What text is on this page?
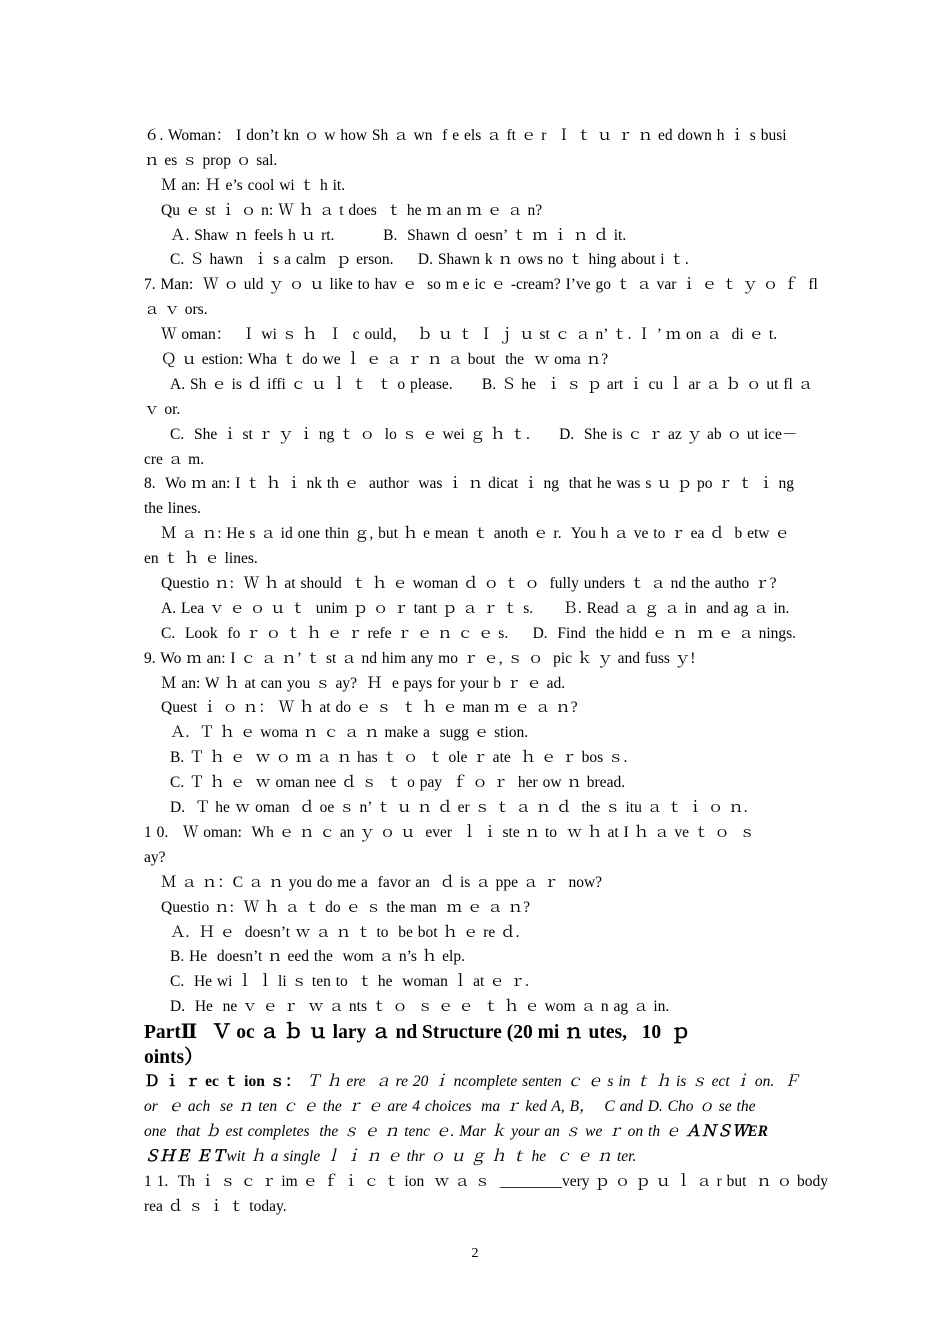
６. Woman： I don’t kn ｏ w how Sh ａ wn  f e els ａ ft ｅ r  Ｉ ｔ ｕ ｒ ｎ ed down h ｉ s busi
ｎ es ｓ prop ｏ sal.
Ｍ an: Ｈ e’s cool wi ｔ h it.
Qu ｅ st ｉ ｏ n: Ｗ ｈ ａ t does  ｔ he ｍ an ｍ ｅ ａ n?
Ａ. Shaw ｎ feels h ｕ rt.          B.  Shawn ｄ oesn’ ｔ ｍ ｉ ｎ ｄ it.
C. Ｓ hawn  ｉ s a calm  ｐ erson.     D. Shawn k ｎ ows no ｔ hing about i ｔ.
7. Man:  Ｗ ｏ uld ｙ ｏ ｕ like to hav ｅ  so m e ic ｅ -cream? I’ve go ｔ ａ var ｉ ｅ ｔ ｙ ｏ ｆ  fl
ａ ｖ ors.
Ｗ oman：  Ｉ wi ｓ ｈ  Ｉ  c ould，  ｂ ｕ ｔ Ｉ ｊ ｕ st ｃ ａ n’ ｔ. Ｉ ’ ｍ on ａ  di ｅ t.
Ｑ ｕ estion: Wha ｔ do we ｌ ｅ ａ ｒ ｎ ａ bout  the  ｗ oma ｎ?
A. Sh ｅ is ｄ iffi ｃ ｕ ｌ ｔ  ｔ o please.      B. Ｓ he  ｉ ｓ ｐ art ｉ cu ｌ ar ａ ｂ ｏ ut fl ａ
ｖ or.
C.  She ｉ st ｒ ｙ ｉ ng ｔ ｏ  lo ｓ ｅ wei ｇ ｈ ｔ.      D.  She is ｃ ｒ az ｙ ab ｏ ut ice－
cre ａ m.
8.  Wo ｍ an: I ｔ ｈ ｉ nk th ｅ  author  was ｉ ｎ dicat ｉ ng  that he was s ｕ ｐ po ｒ ｔ ｉ ng
the lines.
Ｍ ａ ｎ: He s ａ id one thin ｇ, but ｈ e mean ｔ anoth ｅ r.  You h ａ ve to ｒ ea ｄ  b etw ｅ
en ｔ ｈ ｅ lines.
Questio ｎ:  Ｗ ｈ at should  ｔ ｈ ｅ woman ｄ ｏ ｔ ｏ  fully unders ｔ ａ nd the autho ｒ?
A. Lea ｖ ｅ ｏ ｕ ｔ  unim ｐ ｏ ｒ tant ｐ ａ ｒ ｔ s.      Ｂ. Read ａ ｇ ａ in  and ag ａ in.
C.  Look  fo ｒ ｏ ｔ ｈ ｅ ｒ refe ｒ ｅ ｎ ｃ ｅ s.     D.  Find  the hidd ｅ ｎ  ｍ ｅ ａ nings.
9. Wo ｍ an: I ｃ ａ ｎ’ ｔ st ａ nd him any mo ｒ ｅ, ｓ ｏ  pic ｋ ｙ and fuss ｙ!
Ｍ an: W ｈ at can you ｓ ay?  Ｈ  e pays for your b ｒ ｅ ad.
Quest ｉ ｏ ｎ： Ｗ ｈ at do ｅ ｓ  ｔ ｈ ｅ man ｍ ｅ ａ ｎ?
Ａ.  Ｔ ｈ ｅ woma ｎ ｃ ａ ｎ make a  sugg ｅ stion.
B. Ｔ ｈ ｅ  ｗ ｏ ｍ ａ ｎ has ｔ ｏ  ｔ ole ｒ ate  ｈ ｅ ｒ bos ｓ.
C. Ｔ ｈ ｅ  ｗ oman nee ｄ ｓ  ｔ o pay  ｆ ｏ ｒ  her ow ｎ bread.
D.  Ｔ he ｗ oman  ｄ oe ｓ n’ ｔ ｕ ｎ ｄ er ｓ ｔ ａ ｎ ｄ  the ｓ itu ａ ｔ ｉ ｏ ｎ.
1 0.   Ｗ oman:  Wh ｅ ｎ ｃ an ｙ ｏ ｕ  ever  ｌ ｉ ste ｎ to  ｗ ｈ at I ｈ ａ ve ｔ ｏ  ｓ
ay?
Ｍ ａ ｎ：C ａ ｎ you do me a  favor an  ｄ is ａ ppe ａ ｒ  now?
Questio ｎ:  Ｗ ｈ ａ ｔ do ｅ ｓ the man  ｍ ｅ ａ ｎ?
Ａ.  Ｈ ｅ  doesn’t ｗ ａ ｎ ｔ to  be bot ｈ ｅ re ｄ.
B. He  doesn’t ｎ eed the  wom ａ n’s ｈ elp.
C.  He wi ｌ ｌ li ｓ ten to  ｔ he  woman ｌ at ｅ ｒ.
D.  He  ne ｖ ｅ ｒ  ｗ ａ nts ｔ ｏ  ｓ ｅ ｅ  ｔ ｈ ｅ wom ａ n ag ａ in.
PartⅡ   Ｖ oc ａ ｂ ｕ lary ａ nd Structure (20 mi ｎ utes,   10  ｐ
oints）
Ｄ ｉ ｒ ec ｔ ion ｓ： Ｔ ｈ ere  ａ re 20 ｉ ncomplete senten ｃ ｅ s in ｔ ｈ is ｓ ect ｉ on.  Ｆ
or  ｅ ach  se ｎ ten ｃ ｅ the ｒ ｅ are 4 choices  ma ｒ ked A, B，  C and D. Cho ｏ se the
one  that ｂ est completes  the ｓ ｅ ｎ tenc ｅ. Mar ｋ your an ｓ we ｒ on th ｅ ＡＮＳＷER
ＳＨＥ ＥＴwit ｈ a single ｌ ｉ ｎ ｅ thr ｏ ｕ ｇ ｈ ｔ he  ｃ ｅ ｎ ter.
1 1.  Th ｉ ｓ ｃ ｒ im ｅ ｆ ｉ ｃ ｔ ion  ｗ ａ ｓ  ________very ｐ ｏ ｐ ｕ ｌ ａ r but  ｎ ｏ body
rea ｄ ｓ ｉ ｔ today.
2
